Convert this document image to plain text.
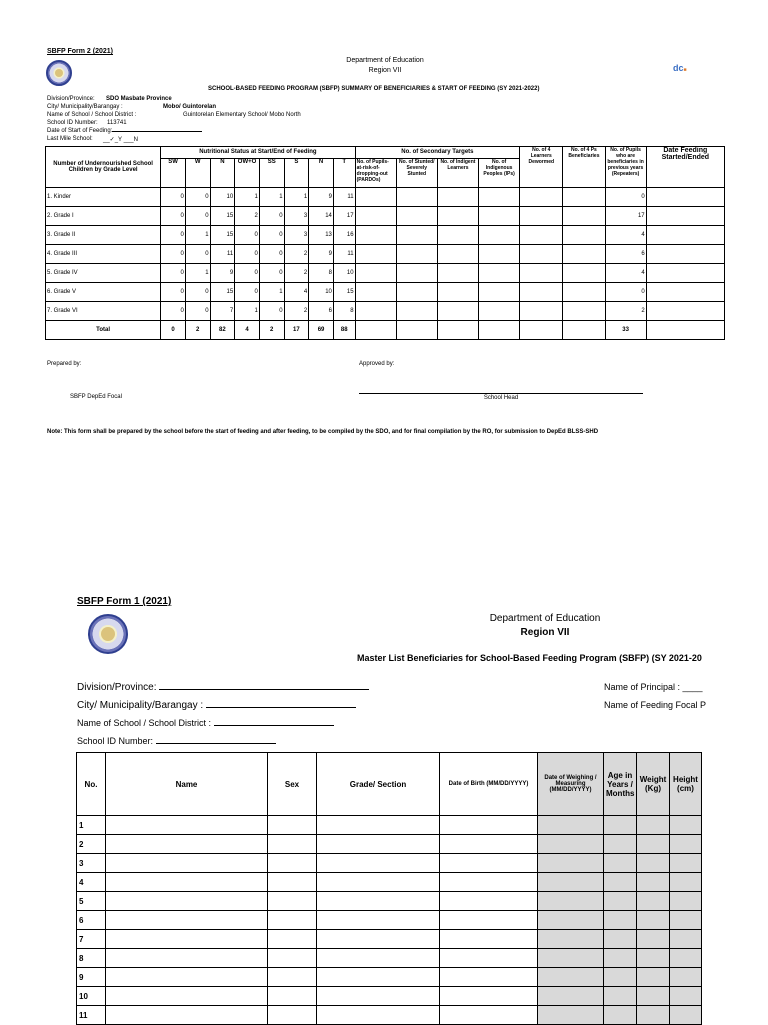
SBFP Form 2 (2021)
Department of Education
Region VII	dc■
SCHOOL-BASED FEEDING PROGRAM (SBFP) SUMMARY OF BENEFICIARIES & START OF FEEDING (SY 2021-2022)
Division/Province: SDO Masbate Province
City/ Municipality/Barangay :	Mobo/ Guintorelan
Name of School / School District :	Guintorelan Elementary School/ Mobo North
School ID Number: 113741
Date of Start of Feeding:
Last Mile School: __✓_Y ___N
Number of Undernourished School Children by Grade Level	Nutritional Status at Start/End of Feeding								No. of Secondary Targets				No. of 4 Learners Dewormed	No. of 4 Ps Beneficiaries	No. of Pupils who are beneficiaries in previous years (Repeaters)	Date Feeding Started/Ended
	SW	W	N	OW+O	SS	S	N	T	No. of Pupils-at-risk-of-dropping-out (PARDOs)	No. of Stunted/ Severely Stunted	No. of Indigent Learners	No. of Indigenous Peoples (IPs)				
1. Kinder	0	0	10	1	1	1	9	11							0	
2. Grade I	0	0	15	2	0	3	14	17							17	
3. Grade II	0	1	15	0	0	3	13	16							4	
4. Grade III	0	0	11	0	0	2	9	11							6	
5. Grade IV	0	1	9	0	0	2	8	10							4	
6. Grade V	0	0	15	0	1	4	10	15							0	
7. Grade VI	0	0	7	1	0	2	6	8							2	
Total	0	2	82	4	2	17	69	88							33	
Prepared by:	Approved by:
SBFP DepEd Focal	School Head
Note: This form shall be prepared by the school before the start of feeding and after feeding, to be compiled by the SDO, and for final compilation by the RO, for submission to DepEd BLSS-SHD
SBFP Form 1 (2021)
Department of Education
Region VII
Master List Beneficiaries for School-Based Feeding Program (SBFP) (SY 2021-20
Division/Province:
City/ Municipality/Barangay :
Name of School / School District :
School ID Number:
Name of Principal : ____
Name of Feeding Focal P
No.	Name	Sex	Grade/ Section	Date of Birth (MM/DD/YYYY)	Date of Weighing / Measuring (MM/DD/YYYY)	Age in Years / Months	Weight (Kg)	Height (cm)
1								
2								
3								
4								
5								
6								
7								
8								
9								
10								
11								
